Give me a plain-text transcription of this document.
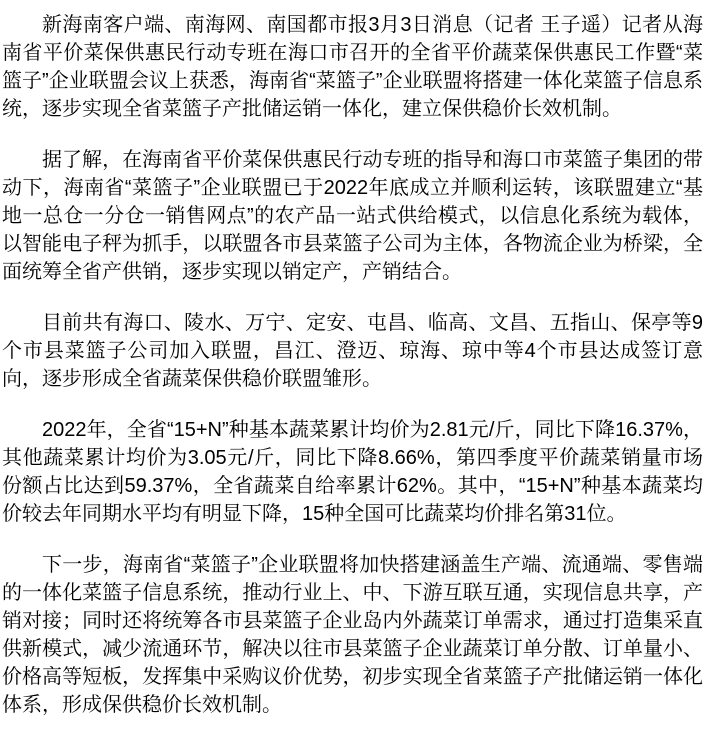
新海南客户端、南海网、南国都市报3月3日消息（记者 王子遥）记者从海南省平价菜保供惠民行动专班在海口市召开的全省平价蔬菜保供惠民工作暨“菜篮子”企业联盟会议上获悉，海南省“菜篮子”企业联盟将搭建一体化菜篮子信息系统，逐步实现全省菜篮子产批储运销一体化，建立保供稳价长效机制。

据了解，在海南省平价菜保供惠民行动专班的指导和海口市菜篮子集团的带动下，海南省“菜篮子”企业联盟已于2022年底成立并顺利运转，该联盟建立“基地一总仓一分仓一销售网点”的农产品一站式供给模式，以信息化系统为载体，以智能电子秤为抓手，以联盟各市县菜篮子公司为主体，各物流企业为桥梁，全面统筹全省产供销，逐步实现以销定产，产销结合。

目前共有海口、陵水、万宁、定安、屯昌、临高、文昌、五指山、保亭等9个市县菜篮子公司加入联盟，昌江、澄迈、琼海、琼中等4个市县达成签订意向，逐步形成全省蔬菜保供稳价联盟雏形。

2022年，全省“15+N”种基本蔬菜累计均价为2.81元/斤，同比下降16.37%，其他蔬菜累计均价为3.05元/斤，同比下降8.66%，第四季度平价蔬菜销量市场份额占比达到59.37%，全省蔬菜自给率累计62%。其中，“15+N”种基本蔬菜均价较去年同期水平均有明显下降，15种全国可比蔬菜均价排名第31位。

下一步，海南省“菜篮子”企业联盟将加快搭建涵盖生产端、流通端、零售端的一体化菜篮子信息系统，推动行业上、中、下游互联互通，实现信息共享，产销对接；同时还将统筹各市县菜篮子企业岛内外蔬菜订单需求，通过打造集采直供新模式，减少流通环节，解决以往市县菜篮子企业蔬菜订单分散、订单量小、价格高等短板，发挥集中采购议价优势，初步实现全省菜篮子产批储运销一体化体系，形成保供稳价长效机制。
